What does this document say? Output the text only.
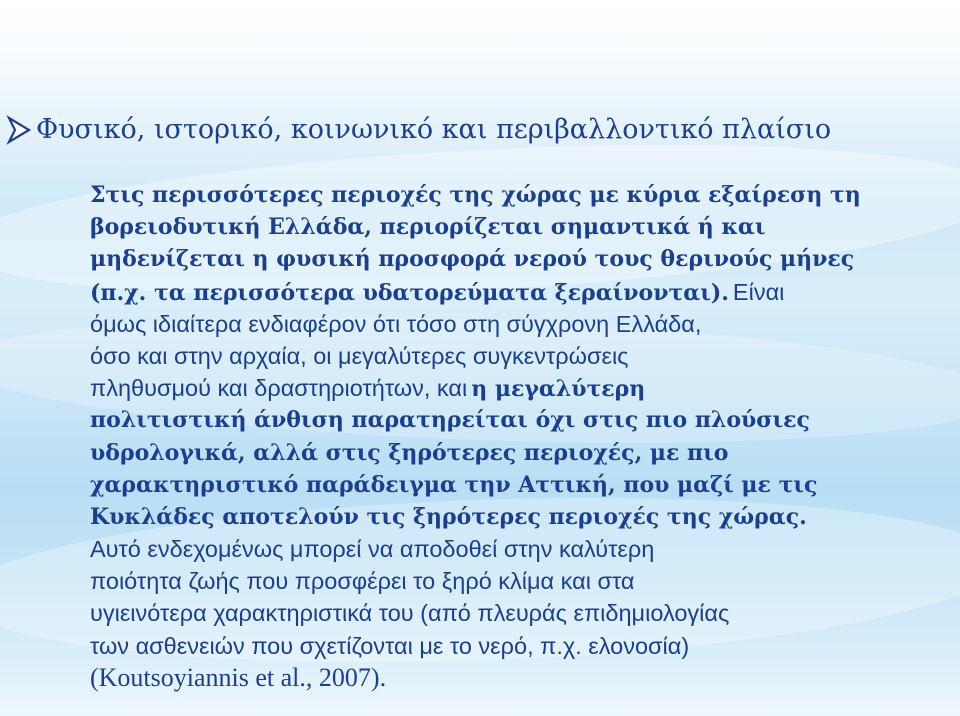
Φυσικό, ιστορικό, κοινωνικό και περιβαλλοντικό πλαίσιο
Στις περισσότερες περιοχές της χώρας με κύρια εξαίρεση τη
βορειοδυτική Ελλάδα, περιορίζεται σημαντικά ή και
μηδενίζεται η φυσική προσφορά νερού τους θερινούς μήνες
(π.χ. τα περισσότερα υδατορεύματα ξεραίνονται). Είναι
όμως ιδιαίτερα ενδιαφέρον ότι τόσο στη σύγχρονη Ελλάδα,
όσο και στην αρχαία, οι μεγαλύτερες συγκεντρώσεις
πληθυσμού και δραστηριοτήτων, και η μεγαλύτερη
πολιτιστική άνθιση παρατηρείται όχι στις πιο πλούσιες
υδρολογικά, αλλά στις ξηρότερες περιοχές, με πιο
χαρακτηριστικό παράδειγμα την Αττική, που μαζί με τις
Κυκλάδες αποτελούν τις ξηρότερες περιοχές της χώρας.
Αυτό ενδεχομένως μπορεί να αποδοθεί στην καλύτερη
ποιότητα ζωής που προσφέρει το ξηρό κλίμα και στα
υγιεινότερα χαρακτηριστικά του (από πλευράς επιδημιολογίας
των ασθενειών που σχετίζονται με το νερό, π.χ. ελονοσία)
(Koutsoyiannis et al., 2007).
